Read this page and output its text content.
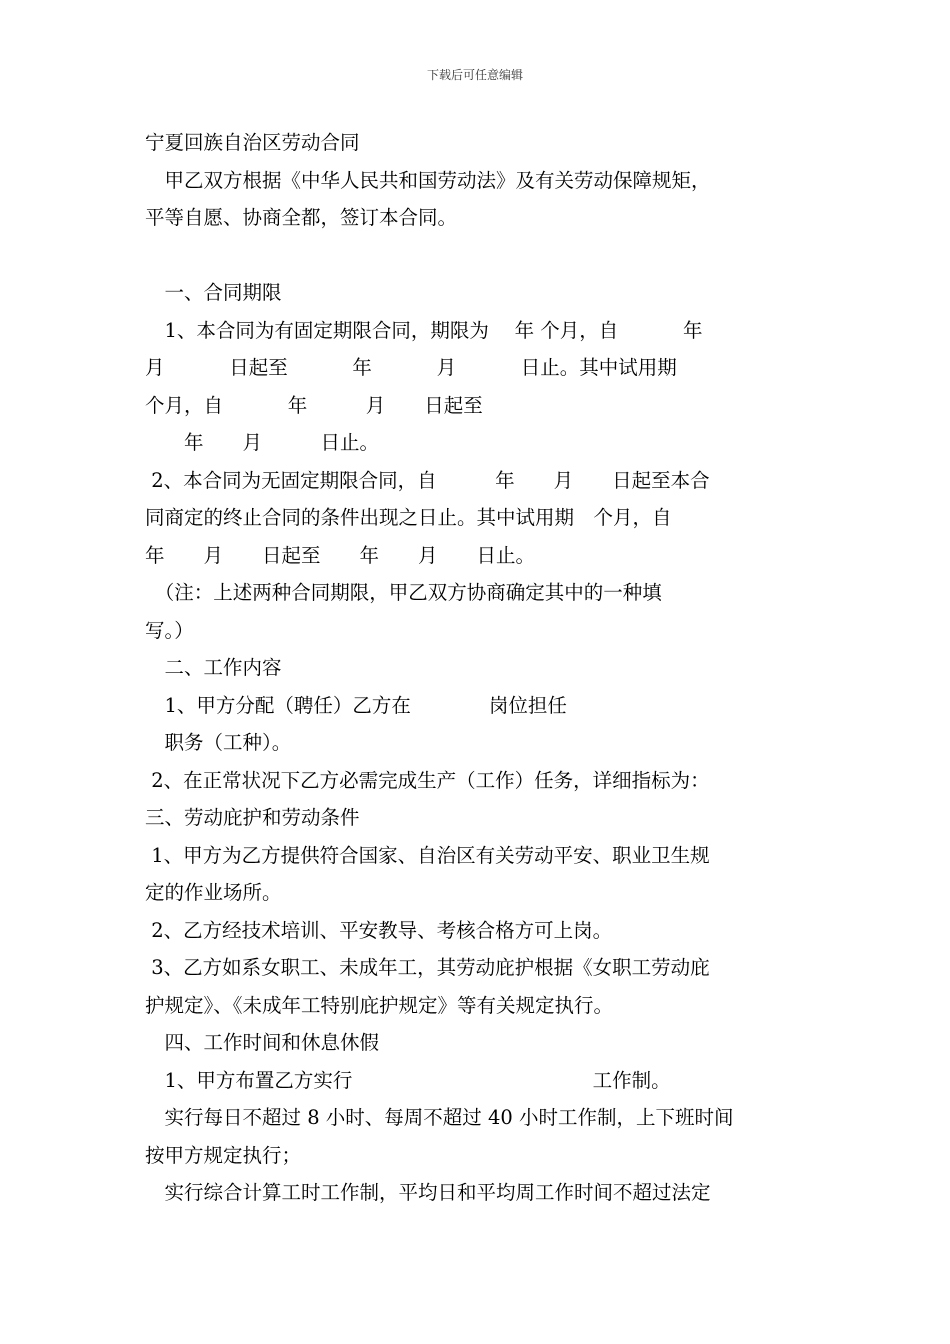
下载后可任意编辑
宁夏回族自治区劳动合同
　甲乙双方根据《中华人民共和国劳动法》及有关劳动保障规矩，
平等自愿、协商全都，签订本合同。
　一、合同期限
　1、本合同为有固定期限合同，期限为　 年 个月，自　　　 年
月　　　 日起至　　　 年　　　 月　　　 日止。其中试用期
个月，自　　　 年　　　月　　日起至
　　年　　月　　　日止。
2、本合同为无固定期限合同，自　　　年　　月　　日起至本合
同商定的终止合同的条件出现之日止。其中试用期　个月，自
年　　月　　日起至　　年　　月　　日止。
　（注：上述两种合同期限，甲乙双方协商确定其中的一种填
写。）
　二、工作内容
　1、甲方分配（聘任）乙方在　　　　岗位担任
　职务（工种）。
2、在正常状况下乙方必需完成生产（工作）任务，详细指标为：
三、劳动庇护和劳动条件
1、甲方为乙方提供符合国家、自治区有关劳动平安、职业卫生规
定的作业场所。
2、乙方经技术培训、平安教导、考核合格方可上岗。
3、乙方如系女职工、未成年工，其劳动庇护根据《女职工劳动庇
护规定》、《未成年工特别庇护规定》等有关规定执行。
　四、工作时间和休息休假
　1、甲方布置乙方实行　　　　　　　　　　　　 工作制。
　实行每日不超过 8 小时、每周不超过 40 小时工作制，上下班时间
按甲方规定执行；
　实行综合计算工时工作制，平均日和平均周工作时间不超过法定
